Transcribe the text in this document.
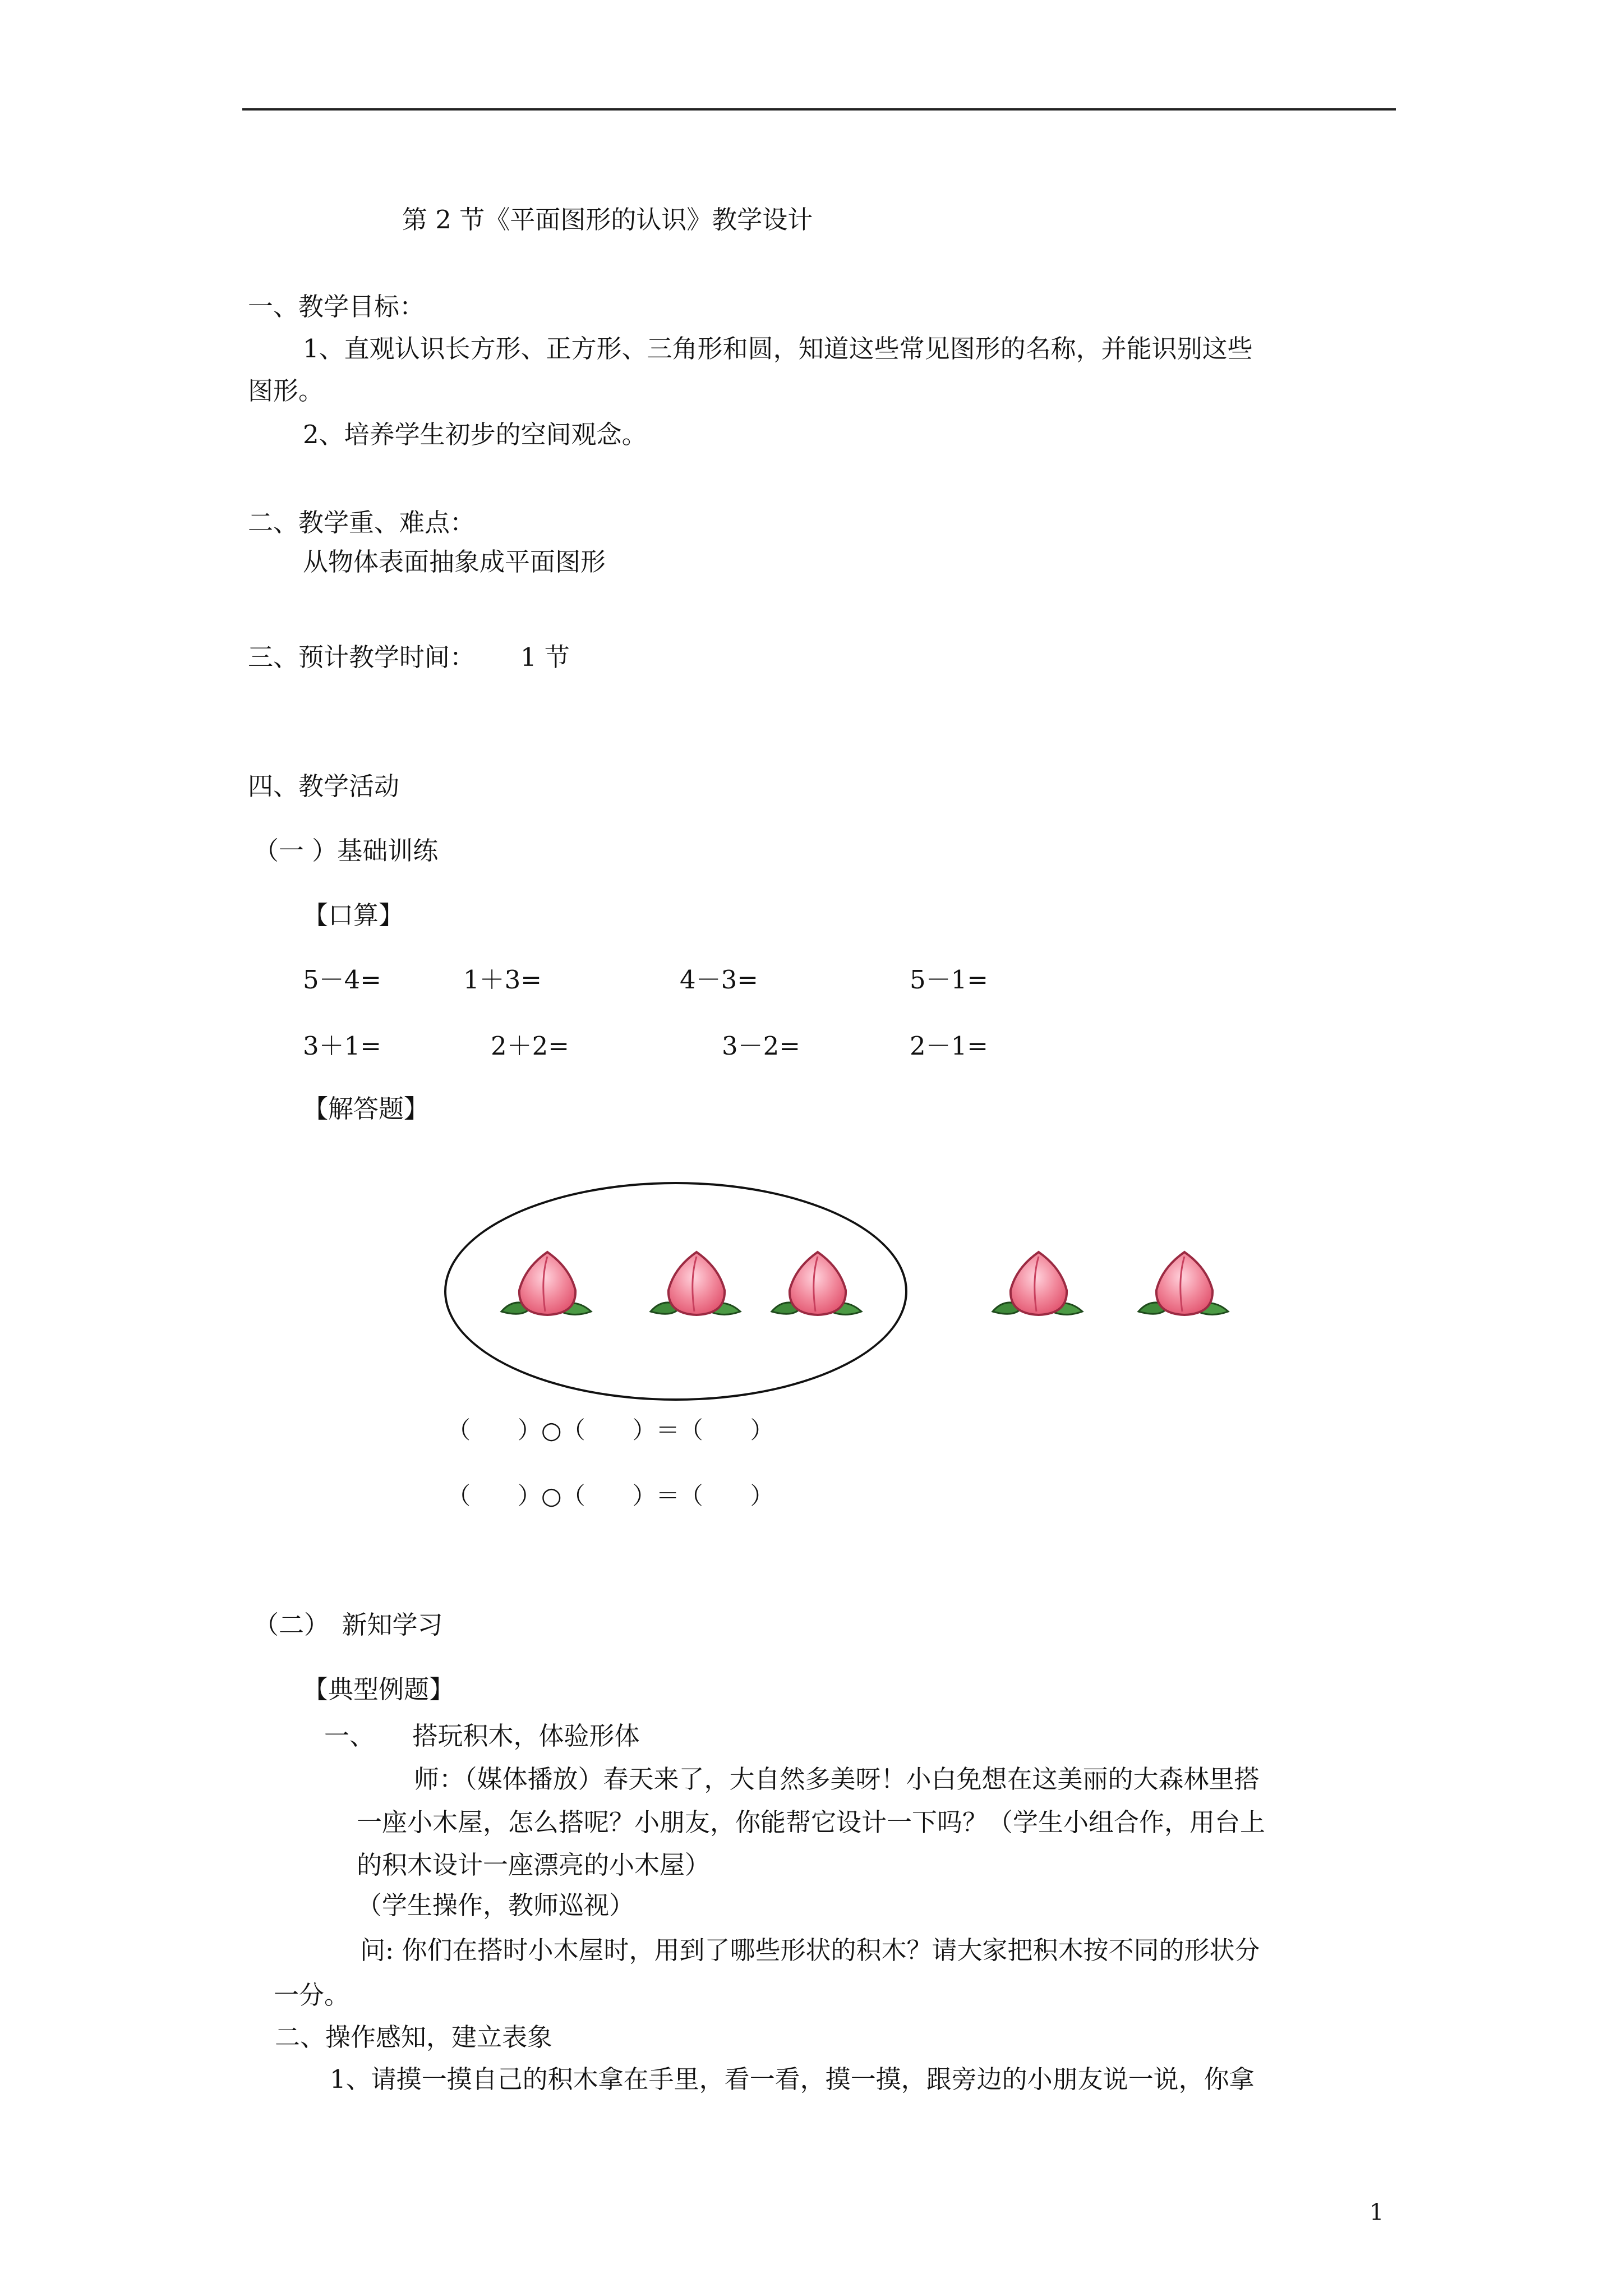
第 2 节《平面图形的认识》教学设计
一、教学目标：
1、直观认识长方形、正方形、三角形和圆，知道这些常见图形的名称，并能识别这些
图形。
2、培养学生初步的空间观念。
二、教学重、难点：
从物体表面抽象成平面图形
三、预计教学时间： 1 节
四、教学活动
（一 ）基础训练
【口算】
5－4=	1＋3=	4－3=	5－1=
3＋1=	2＋2=	3－2=	2－1=
【解答题】
（　　）○（　　）＝（　　）
（　　）○（　　）＝（　　）
（二）　新知学习
【典型例题】
一、　　搭玩积木，体验形体
师：（媒体播放）春天来了，大自然多美呀！小白免想在这美丽的大森林里搭
一座小木屋，怎么搭呢？小朋友，你能帮它设计一下吗？（学生小组合作，用台上
的积木设计一座漂亮的小木屋）
（学生操作，教师巡视）
问: 你们在搭时小木屋时，用到了哪些形状的积木？请大家把积木按不同的形状分
一分。
二、操作感知，建立表象
1、请摸一摸自己的积木拿在手里，看一看，摸一摸，跟旁边的小朋友说一说，你拿
1
